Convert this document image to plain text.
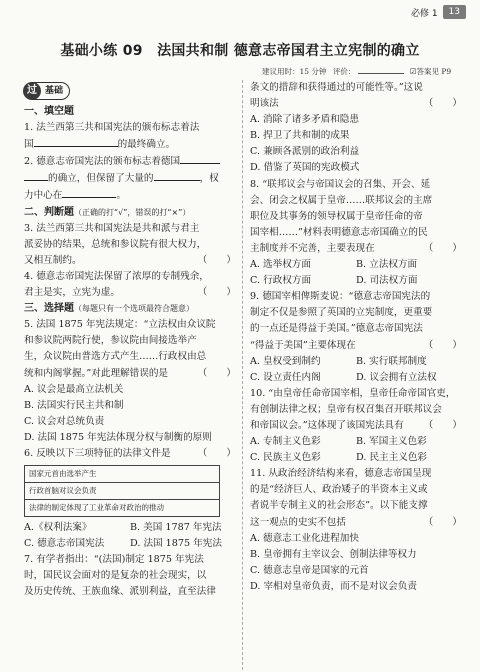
必修 1	13
基础小练 09　法国共和制 德意志帝国君主立宪制的确立
建议用时：15 分钟 评价：	☑答案见 P9
过 基础

一、填空题

1. 法兰西第三共和国宪法的颁布标志着法

国	的最终确立。

2. 德意志帝国宪法的颁布标志着德国

的确立，但保留了大量的	，权

力中心在	。

二、判断题（正确的打“√”，错误的打“×”）

3. 法兰西第三共和国宪法是共和派与君主

派妥协的结果，总统和参议院有很大权力，

又相互制约。	（　　）

4. 德意志帝国宪法保留了浓厚的专制残余，

君主是实，立宪为虚。	（　　）

三、选择题（每题只有一个选项最符合题意）

5. 法国 1875 年宪法规定：“立法权由众议院

和参议院两院行使，参议院由间接选举产

生，众议院由普选方式产生……行政权由总

统和内阁掌握。”对此理解错误的是	（　　）

A. 议会是最高立法机关

B. 法国实行民主共和制

C. 议会对总统负责

D. 法国 1875 年宪法体现分权与制衡的原则

6. 反映以下三项特征的法律文件是	（　　）

国家元首由选举产生
行政首脑对议会负责
法律的制定体现了工业革命对政治的推动
A.《权利法案》	B. 美国 1787 年宪法
C. 德意志帝国宪法	D. 法国 1875 年宪法

7. 有学者指出：“(法国)制定 1875 年宪法

时，国民议会面对的是复杂的社会现实，以

及历史传统、王族血缘、派别利益，直至法律

条文的措辞和获得通过的可能性等。”这说

明该法	（　　）

A. 消除了诸多矛盾和隐患

B. 捍卫了共和制的成果

C. 兼顾各派别的政治利益

D. 借鉴了英国的宪政模式

8. “联邦议会与帝国议会的召集、开会、延

会、闭会之权属于皇帝……联邦议会的主席

职位及其事务的领导权属于皇帝任命的帝

国宰相……”材料表明德意志帝国确立的民

主制度并不完善，主要表现在	（　　）

A. 选举权方面	B. 立法权方面
C. 行政权方面	D. 司法权方面

9. 德国宰相俾斯麦说：“德意志帝国宪法的

制定不仅是参照了英国的立宪制度，更重要

的一点还是得益于美国。”德意志帝国宪法

“得益于美国”主要体现在	（　　）

A. 皇权受到制约	B. 实行联邦制度
C. 设立责任内阁	D. 议会拥有立法权

10. “由皇帝任命帝国宰相，皇帝任命帝国官吏，

有创制法律之权；皇帝有权召集召开联邦议会

和帝国议会。”这体现了该国宪法具有 （　　）

A. 专制主义色彩	B. 军国主义色彩
C. 民族主义色彩	D. 民主主义色彩

11. 从政治经济结构来看，德意志帝国呈现

的是“经济巨人、政治矮子的半资本主义或

者说半专制主义的社会形态”。以下能支撑

这一观点的史实不包括	（　　）

A. 德意志工业化进程加快

B. 皇帝拥有主宰议会、创制法律等权力

C. 德意志皇帝是国家的元首

D. 宰相对皇帝负责，而不是对议会负责
